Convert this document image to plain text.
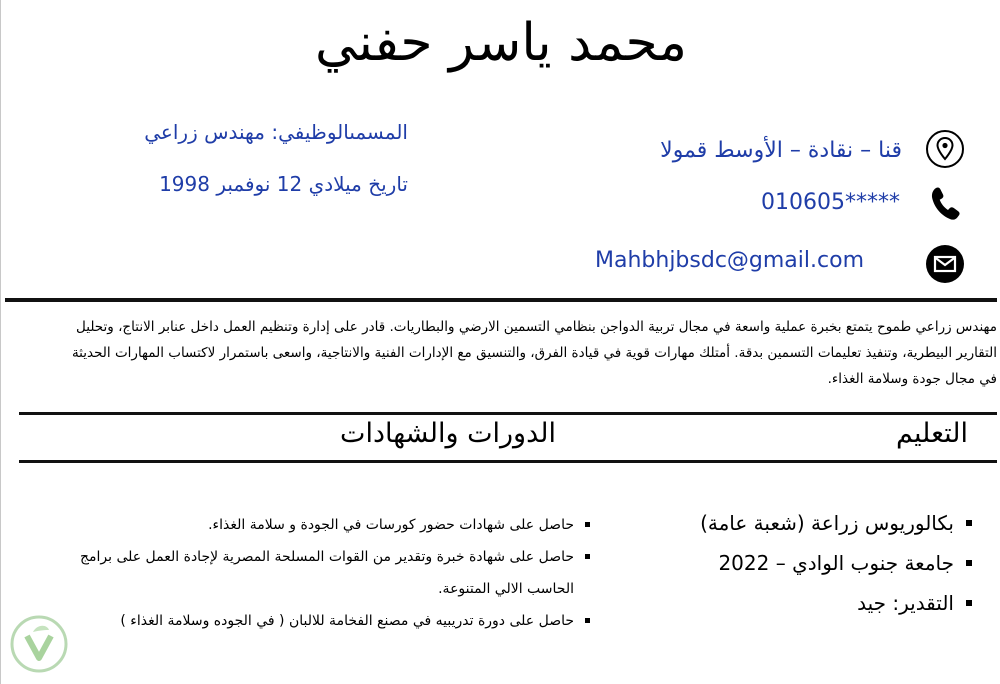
محمد ياسر حفني
المسمىالوظيفي: مهندس زراعي
تاريخ ميلادي 12 نوفمبر 1998
قنا – نقادة – الأوسط قمولا
010605*****
Mahbhjbsdc@gmail.com
مهندس زراعي طموح يتمتع بخبرة عملية واسعة في مجال تربية الدواجن بنظامي التسمين الارضي والبطاريات. قادر على إدارة وتنظيم العمل داخل عنابر الانتاج، وتحليل التقارير البيطرية، وتنفيذ تعليمات التسمين بدقة. أمتلك مهارات قوية في قيادة الفرق، والتنسيق مع الإدارات الفنية والانتاجية، واسعى باستمرار لاكتساب المهارات الحديثة في مجال جودة وسلامة الغذاء.
التعليم
الدورات والشهادات
بكالوريوس زراعة (شعبة عامة)
جامعة جنوب الوادي – 2022
التقدير: جيد
حاصل على شهادات حضور كورسات في الجودة و سلامة الغذاء.
حاصل على شهادة خبرة وتقدير من القوات المسلحة المصرية لإجادة العمل على برامج الحاسب الالي المتنوعة.
حاصل على دورة تدريبيه في مصنع الفخامة للالبان ( في الجوده وسلامة الغذاء )
